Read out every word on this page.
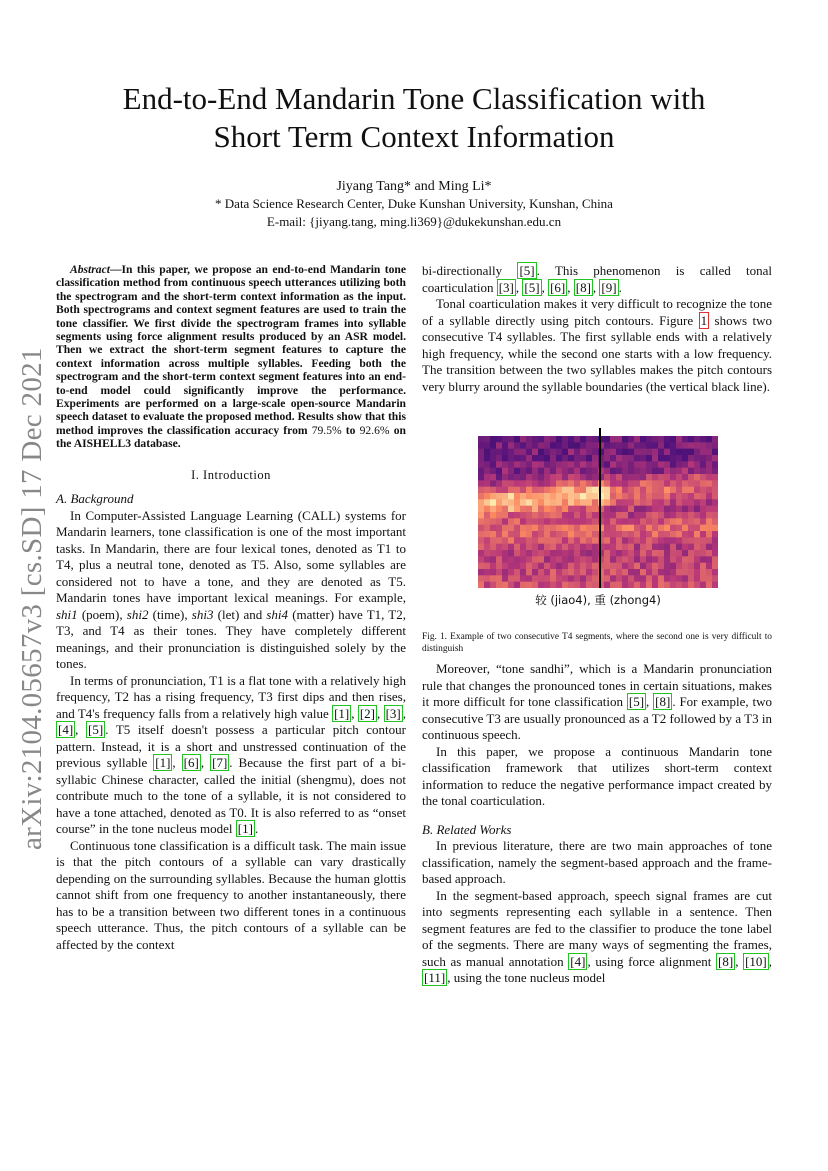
End-to-End Mandarin Tone Classification with
Short Term Context Information
Jiyang Tang* and Ming Li*
* Data Science Research Center, Duke Kunshan University, Kunshan, China
E-mail: {jiyang.tang, ming.li369}@dukekunshan.edu.cn
arXiv:2104.05657v3 [cs.SD] 17 Dec 2021

Abstract—In this paper, we propose an end-to-end Mandarin tone classification method from continuous speech utterances utilizing both the spectrogram and the short-term context information as the input. Both spectrograms and context segment features are used to train the tone classifier. We first divide the spectrogram frames into syllable segments using force alignment results produced by an ASR model. Then we extract the short-term segment features to capture the context information across multiple syllables. Feeding both the spectrogram and the short-term context segment features into an end-to-end model could significantly improve the performance. Experiments are performed on a large-scale open-source Mandarin speech dataset to evaluate the proposed method. Results show that this method improves the classification accuracy from 79.5% to 92.6% on the AISHELL3 database.

I. Introduction

A. Background

In Computer-Assisted Language Learning (CALL) systems for Mandarin learners, tone classification is one of the most important tasks. In Mandarin, there are four lexical tones, denoted as T1 to T4, plus a neutral tone, denoted as T5. Also, some syllables are considered not to have a tone, and they are denoted as T5. Mandarin tones have important lexical meanings. For example, shi1 (poem), shi2 (time), shi3 (let) and shi4 (matter) have T1, T2, T3, and T4 as their tones. They have completely different meanings, and their pronunciation is distinguished solely by the tones.

In terms of pronunciation, T1 is a flat tone with a relatively high frequency, T2 has a rising frequency, T3 first dips and then rises, and T4's frequency falls from a relatively high value [1] , [2] , [3] , [4] , [5] . T5 itself doesn't possess a particular pitch contour pattern. Instead, it is a short and unstressed continuation of the previous syllable [1] , [6] , [7] . Because the first part of a bi-syllabic Chinese character, called the initial (shengmu), does not contribute much to the tone of a syllable, it is not considered to have a tone attached, denoted as T0. It is also referred to as “onset course” in the tone nucleus model [1] .

Continuous tone classification is a difficult task. The main issue is that the pitch contours of a syllable can vary drastically depending on the surrounding syllables. Because the human glottis cannot shift from one frequency to another instantaneously, there has to be a transition between two different tones in a continuous speech utterance. Thus, the pitch contours of a syllable can be affected by the context

bi-directionally [5] . This phenomenon is called tonal coarticulation [3] , [5] , [6] , [8] , [9] .

Tonal coarticulation makes it very difficult to recognize the tone of a syllable directly using pitch contours. Figure 1 shows two consecutive T4 syllables. The first syllable ends with a relatively high frequency, while the second one starts with a low frequency. The transition between the two syllables makes the pitch contours very blurry around the syllable boundaries (the vertical black line).

Moreover, “tone sandhi”, which is a Mandarin pronunciation rule that changes the pronounced tones in certain situations, makes it more difficult for tone classification [5] , [8] . For example, two consecutive T3 are usually pronounced as a T2 followed by a T3 in continuous speech.

In this paper, we propose a continuous Mandarin tone classification framework that utilizes short-term context information to reduce the negative performance impact created by the tonal coarticulation.

B. Related Works

In previous literature, there are two main approaches of tone classification, namely the segment-based approach and the frame-based approach.

In the segment-based approach, speech signal frames are cut into segments representing each syllable in a sentence. Then segment features are fed to the classifier to produce the tone label of the segments. There are many ways of segmenting the frames, such as manual annotation [4] , using force alignment [8] , [10] , [11] , using the tone nucleus model

较 (jiao4), 重 (zhong4)
Fig. 1. Example of two consecutive T4 segments, where the second one is very difficult to distinguish
